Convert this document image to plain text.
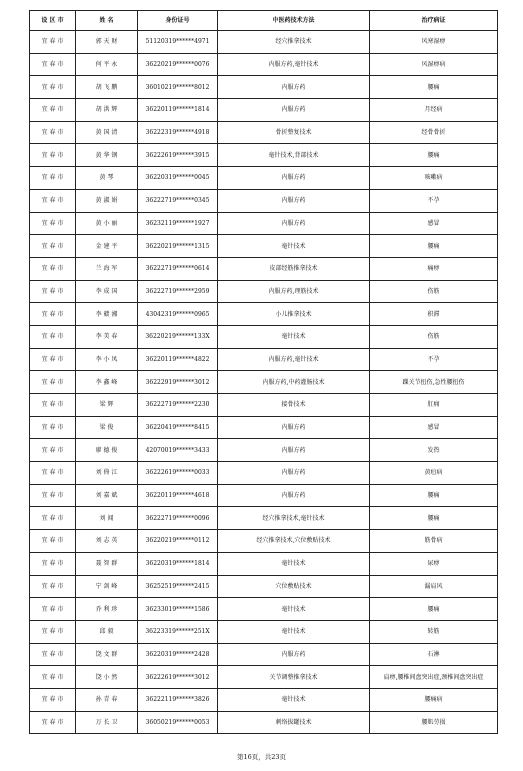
设 区 市	姓 名	身份证号	中医药技术方法	治疗病证
宜 春 市	郭 天 财	51120319******4971	经穴推拿技术	风寒湿痹
宜 春 市	何 平 永	36220219******0076	内服方药,毫针技术	风湿痹病
宜 春 市	胡 飞 鹏	36010219******8012	内服方药	腰痛
宜 春 市	胡 洪 辉	36220119******1814	内服方药	月经病
宜 春 市	黄 国 清	36222319******4918	骨折整复技术	经骨骨折
宜 春 市	黄 华 钢	36222619******3915	毫针技术,背部技术	腰痛
宜 春 市	黄 琴	36220319******0045	内服方药	咳嗽病
宜 春 市	黄 淑 娟	36222719******0345	内服方药	不孕
宜 春 市	黄 小 丽	36232119******1927	内服方药	感冒
宜 春 市	金 建 平	36220219******1315	毫针技术	腰痛
宜 春 市	兰 海 军	36222719******0614	皮部经筋推拿技术	痛痹
宜 春 市	李 成 国	36222719******2959	内服方药,理筋技术	伤筋
宜 春 市	李 赣 湘	43042319******0965	小儿推拿技术	积滞
宜 春 市	李 美 春	36220219******133X	毫针技术	伤筋
宜 春 市	李 小 凤	36220119******4822	内服方药,毫针技术	不孕
宜 春 市	李 鑫 峰	36222919******3012	内服方药,中药灌肠技术	踝关节扭伤,急性腰扭伤
宜 春 市	梁 辉	36222719******2230	接骨技术	肛痈
宜 春 市	梁 俊	36220419******8415	内服方药	感冒
宜 春 市	廖 德 俊	42070019******3433	内服方药	发热
宜 春 市	刘 倚 江	36222619******0033	内服方药	黄疸病
宜 春 市	刘 嘉 斌	36220119******4618	内服方药	腰痛
宜 春 市	刘 闻	36222719******0096	经穴推拿技术,毫针技术	腰痛
宜 春 市	刘 志 英	36220219******0112	经穴推拿技术,穴位敷贴技术	筋骨病
宜 春 市	聂 智 群	36220319******1814	毫针技术	尿痹
宜 春 市	宁 剑 峰	36252519******2415	穴位敷贴技术	漏肩风
宜 春 市	乔 利 珍	36233019******1586	毫针技术	腰痛
宜 春 市	邱 毅	36223319******251X	毫针技术	转筋
宜 春 市	饶 文 群	36220319******2428	内服方药	石淋
宜 春 市	饶 小 然	36222619******3012	关节调整推拿技术	肩痹,腰椎间盘突出症,颈椎间盘突出症
宜 春 市	孙 青 春	36222119******3826	毫针技术	腰痛病
宜 春 市	万 长 卫	36050219******0053	刺络拔罐技术	腰肌劳损
第16页，共23页
